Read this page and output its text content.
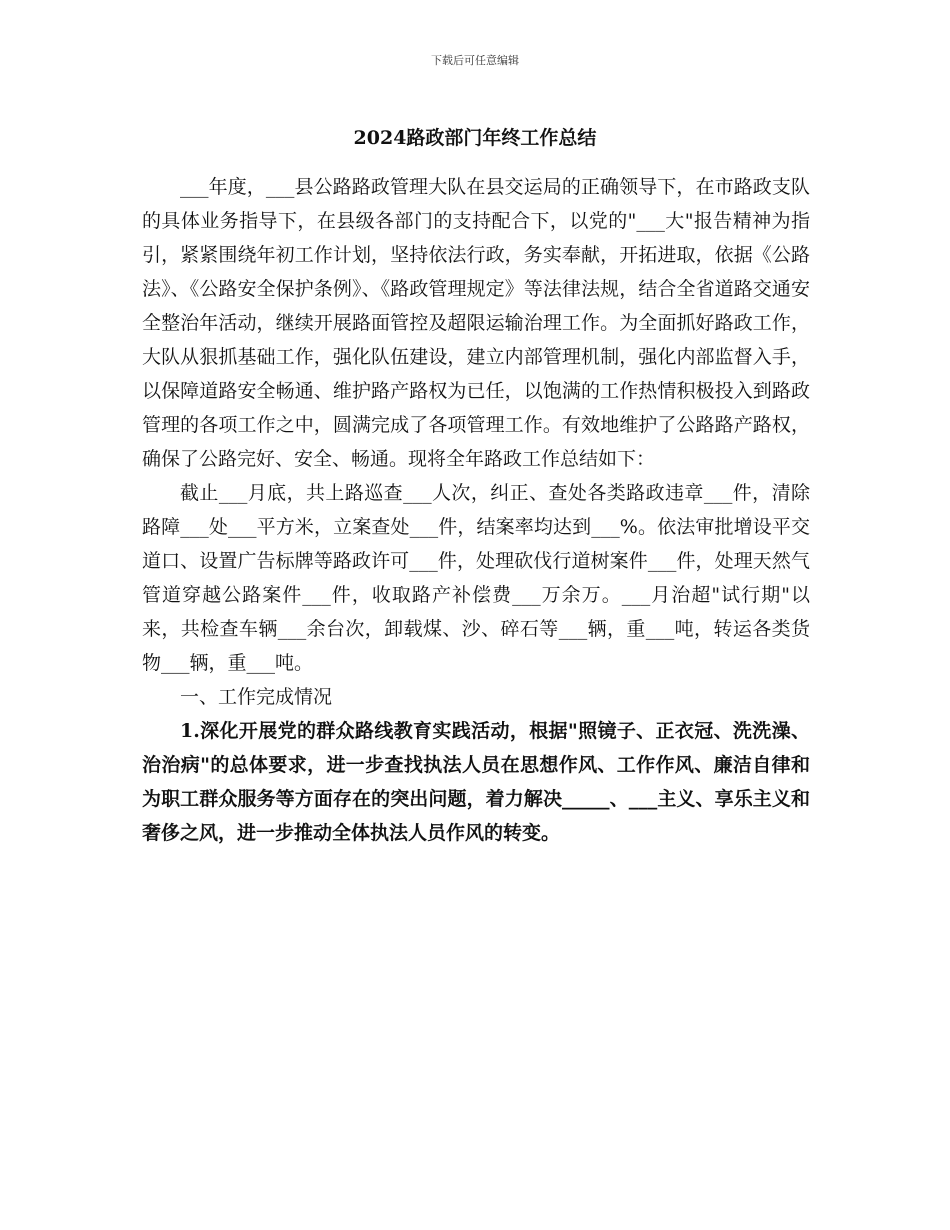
下载后可任意编辑
2024路政部门年终工作总结

___年度，___县公路路政管理大队在县交运局的正确领导下，在市路政支队的具体业务指导下，在县级各部门的支持配合下，以党的"___大"报告精神为指引，紧紧围绕年初工作计划，坚持依法行政，务实奉献，开拓进取，依据《公路法》、《公路安全保护条例》、《路政管理规定》等法律法规，结合全省道路交通安全整治年活动，继续开展路面管控及超限运输治理工作。为全面抓好路政工作，大队从狠抓基础工作，强化队伍建设，建立内部管理机制，强化内部监督入手，以保障道路安全畅通、维护路产路权为已任，以饱满的工作热情积极投入到路政管理的各项工作之中，圆满完成了各项管理工作。有效地维护了公路路产路权，确保了公路完好、安全、畅通。现将全年路政工作总结如下：

截止___月底，共上路巡查___人次，纠正、查处各类路政违章___件，清除路障___处___平方米，立案查处___件，结案率均达到___%。依法审批增设平交道口、设置广告标牌等路政许可___件，处理砍伐行道树案件___件，处理天然气管道穿越公路案件___件，收取路产补偿费___万余万。___月治超"试行期"以来，共检查车辆___余台次，卸载煤、沙、碎石等___辆，重___吨，转运各类货物___辆，重___吨。

一、工作完成情况

1.深化开展党的群众路线教育实践活动，根据"照镜子、正衣冠、洗洗澡、治治病"的总体要求，进一步查找执法人员在思想作风、工作作风、廉洁自律和为职工群众服务等方面存在的突出问题，着力解决_____、___主义、享乐主义和奢侈之风，进一步推动全体执法人员作风的转变。
